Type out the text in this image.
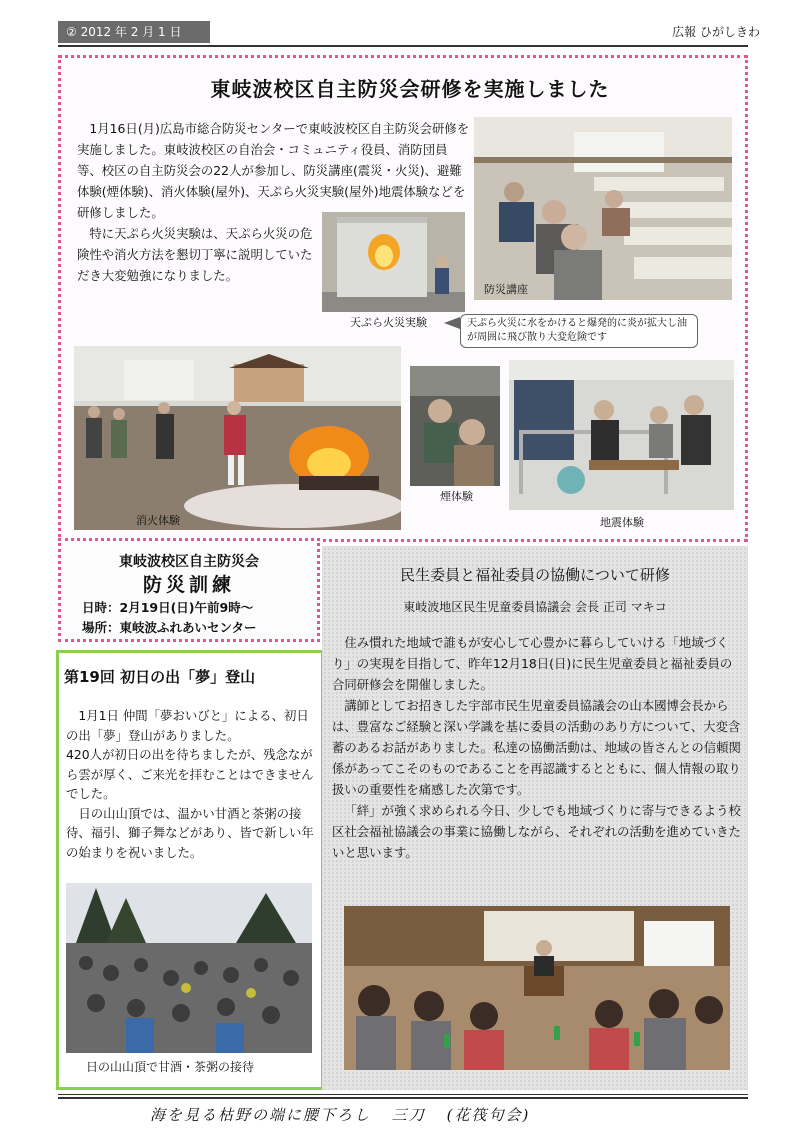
② 2012 年 2 月 1 日	広報 ひがしきわ
東岐波校区自主防災会研修を実施しました

1月16日(月)広島市総合防災センターで東岐波校区自主防災会研修を実施しました。東岐波校区の自治会・コミュニティ役員、消防団員等、校区の自主防災会の22人が参加し、防災講座(震災・火災)、避難体験(煙体験)、消火体験(屋外)、天ぷら火災実験(屋外)地震体験などを研修しました。

特に天ぷら火災実験は、天ぷら火災の危険性や消火方法を懇切丁寧に説明していただき大変勉強になりました。

防災講座
天ぷら火災実験	天ぷら火災に水をかけると爆発的に炎が拡大し油が周囲に飛び散り大変危険です
消火体験
煙体験
地震体験
東岐波校区自主防災会
防災訓練
日時：2月19日(日)午前9時～
場所：東岐波ふれあいセンター
第19回 初日の出「夢」登山

1月1日 仲間「夢おいびと」による、初日の出「夢」登山がありました。

420人が初日の出を待ちましたが、残念ながら雲が厚く、ご来光を拝むことはできませんでした。

日の山山頂では、温かい甘酒と茶粥の接待、福引、獅子舞などがあり、皆で新しい年の始まりを祝いました。

日の山山頂で甘酒・茶粥の接待
民生委員と福祉委員の協働について研修
東岐波地区民生児童委員協議会 会長 正司 マキコ

住み慣れた地域で誰もが安心して心豊かに暮らしていける「地域づくり」の実現を目指して、昨年12月18日(日)に民生児童委員と福祉委員の合同研修会を開催しました。

講師としてお招きした宇部市民生児童委員協議会の山本國博会長からは、豊富なご経験と深い学識を基に委員の活動のあり方について、大変含蓄のあるお話がありました。私達の協働活動は、地域の皆さんとの信頼関係があってこそのものであることを再認識するとともに、個人情報の取り扱いの重要性を痛感した次第です。

「絆」が強く求められる今日、少しでも地域づくりに寄与できるよう校区社会福祉協議会の事業に協働しながら、それぞれの活動を進めていきたいと思います。

海を見る枯野の端に腰下ろし 三刀 (花筏句会)
